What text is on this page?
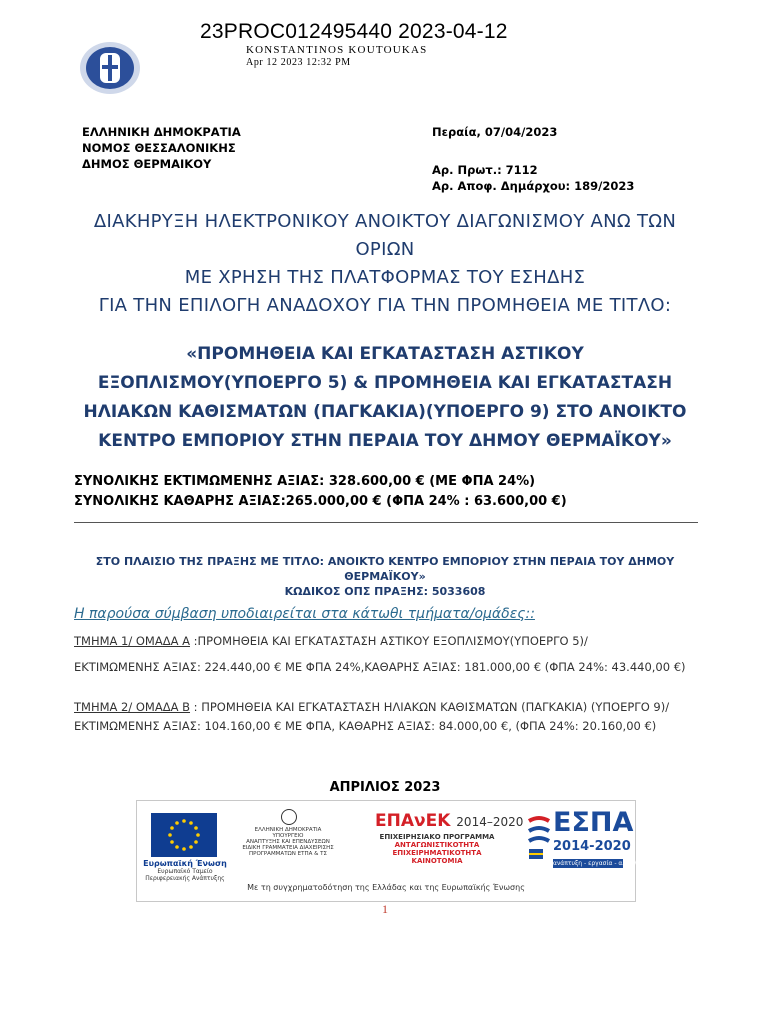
23PROC012495440 2023-04-12
KONSTANTINOS KOUTOUKAS
Apr 12 2023 12:32 PM
ΕΛΛΗΝΙΚΗ ΔΗΜΟΚΡΑΤΙΑ
ΝΟΜΟΣ ΘΕΣΣΑΛΟΝΙΚΗΣ
ΔΗΜΟΣ ΘΕΡΜΑΙΚΟΥ
Περαία, 07/04/2023
Αρ. Πρωτ.: 7112
Αρ. Αποφ. Δημάρχου: 189/2023
ΔΙΑΚΗΡΥΞΗ ΗΛΕΚΤΡΟΝΙΚΟΥ ΑΝΟΙΚΤΟΥ ΔΙΑΓΩΝΙΣΜΟΥ ΑΝΩ ΤΩΝ
ΟΡΙΩΝ
ΜΕ ΧΡΗΣΗ ΤΗΣ ΠΛΑΤΦΟΡΜΑΣ ΤΟΥ ΕΣΗΔΗΣ
ΓΙΑ ΤΗΝ ΕΠΙΛΟΓΗ ΑΝΑΔΟΧΟΥ ΓΙΑ ΤΗΝ ΠΡΟΜΗΘΕΙΑ ΜΕ ΤΙΤΛΟ:
«ΠΡΟΜΗΘΕΙΑ ΚΑΙ ΕΓΚΑΤΑΣΤΑΣΗ ΑΣΤΙΚΟΥ
ΕΞΟΠΛΙΣΜΟΥ(ΥΠΟΕΡΓΟ 5) & ΠΡΟΜΗΘΕΙΑ ΚΑΙ ΕΓΚΑΤΑΣΤΑΣΗ
ΗΛΙΑΚΩΝ ΚΑΘΙΣΜΑΤΩΝ (ΠΑΓΚΑΚΙΑ)(ΥΠΟΕΡΓΟ 9) ΣΤΟ ΑΝΟΙΚΤΟ
ΚΕΝΤΡΟ ΕΜΠΟΡΙΟΥ ΣΤΗΝ ΠΕΡΑΙΑ ΤΟΥ ΔΗΜΟΥ ΘΕΡΜΑΪΚΟΥ»
ΣΥΝΟΛΙΚΗΣ ΕΚΤΙΜΩΜΕΝΗΣ ΑΞΙΑΣ: 328.600,00 € (ΜΕ ΦΠΑ 24%)
ΣΥΝΟΛΙΚΗΣ ΚΑΘΑΡΗΣ ΑΞΙΑΣ:265.000,00 € (ΦΠΑ 24% : 63.600,00 €)
ΣΤΟ ΠΛΑΙΣΙΟ ΤΗΣ ΠΡΑΞΗΣ ΜΕ ΤΙΤΛΟ: ΑΝΟΙΚΤΟ ΚΕΝΤΡΟ ΕΜΠΟΡΙΟΥ ΣΤΗΝ ΠΕΡΑΙΑ ΤΟΥ ΔΗΜΟΥ
ΘΕΡΜΑΪΚΟΥ»
ΚΩΔΙΚΟΣ ΟΠΣ ΠΡΑΞΗΣ: 5033608
Η παρούσα σύμβαση υποδιαιρείται στα κάτωθι τμήματα/ομάδες::
ΤΜΗΜΑ 1/ ΟΜΑΔΑ Α :ΠΡΟΜΗΘΕΙΑ ΚΑΙ ΕΓΚΑΤΑΣΤΑΣΗ ΑΣΤΙΚΟΥ ΕΞΟΠΛΙΣΜΟΥ(ΥΠΟΕΡΓΟ 5)/
ΕΚΤΙΜΩΜΕΝΗΣ ΑΞΙΑΣ: 224.440,00 € ΜΕ ΦΠΑ 24%,ΚΑΘΑΡΗΣ ΑΞΙΑΣ: 181.000,00 € (ΦΠΑ 24%: 43.440,00 €)
ΤΜΗΜΑ 2/ ΟΜΑΔΑ Β : ΠΡΟΜΗΘΕΙΑ ΚΑΙ ΕΓΚΑΤΑΣΤΑΣΗ ΗΛΙΑΚΩΝ ΚΑΘΙΣΜΑΤΩΝ (ΠΑΓΚΑΚΙΑ) (ΥΠΟΕΡΓΟ 9)/ΕΚΤΙΜΩΜΕΝΗΣ ΑΞΙΑΣ: 104.160,00 € ΜΕ ΦΠΑ, ΚΑΘΑΡΗΣ ΑΞΙΑΣ: 84.000,00 €, (ΦΠΑ 24%: 20.160,00 €)
ΑΠΡΙΛΙΟΣ 2023
Ευρωπαϊκή Ένωση
Ευρωπαϊκό Ταμείο
Περιφερειακής Ανάπτυξης
ΕΛΛΗΝΙΚΗ ΔΗΜΟΚΡΑΤΙΑ
ΥΠΟΥΡΓΕΙΟ
ΑΝΑΠΤΥΞΗΣ ΚΑΙ ΕΠΕΝΔΥΣΕΩΝ
ΕΙΔΙΚΗ ΓΡΑΜΜΑΤΕΙΑ ΔΙΑΧΕΙΡΙΣΗΣ
ΠΡΟΓΡΑΜΜΑΤΩΝ ΕΤΠΑ & ΤΣ
ΕΠΑνΕΚ 2014–2020
ΕΠΙΧΕΙΡΗΣΙΑΚΟ ΠΡΟΓΡΑΜΜΑ
ΑΝΤΑΓΩΝΙΣΤΙΚΟΤΗΤΑ
ΕΠΙΧΕΙΡΗΜΑΤΙΚΟΤΗΤΑ
ΚΑΙΝΟΤΟΜΙΑ
ΕΣΠΑ
2014-2020
ανάπτυξη - εργασία - αλληλεγγύη
Με τη συγχρηματοδότηση της Ελλάδας και της Ευρωπαϊκής Ένωσης
1
